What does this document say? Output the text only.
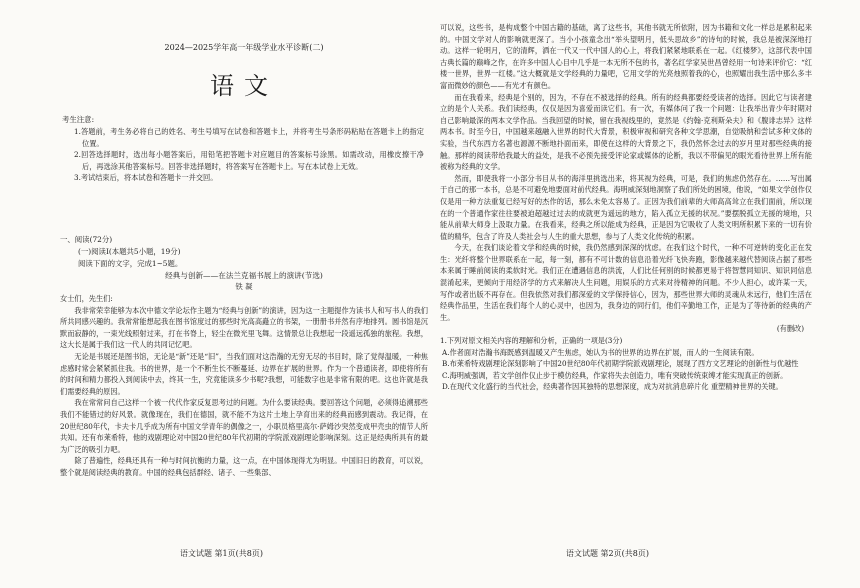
2024—2025学年高一年级学业水平诊断(二)
语文

考生注意:

1.答题前，考生务必将自己的姓名、考生号填写在试卷和答题卡上，并将考生号条形码粘贴在答题卡上的指定位置。

2.回答选择题时，选出每小题答案后，用铅笔把答题卡对应题目的答案标号涂黑。如需改动，用橡皮擦干净后，再选涂其他答案标号。回答非选择题时，将答案写在答题卡上。写在本试卷上无效。

3.考试结束后，将本试卷和答题卡一并交回。

一、阅读(72分)

(一)阅读Ⅰ(本题共5小题，19分)

阅读下面的文字，完成1~5题。

经典与创新——在法兰克福书展上的演讲(节选)

铁 凝

女士们，先生们:

我非常荣幸能够为本次中德文学论坛作主题为“经典与创新”的演讲，因为这一主题提作为读书人和写书人的我们所共同感兴趣的。我常常能想起我在图书馆度过的那些时光高高矗立的书架，一册册书并然有序地排列。圆书馆是沉默而寂静的，一束光线照射过来，打在书脊上，轻尘在微光里飞舞。这情景总让我想起一段遥远孤独的旅程。我想，这大长是属于我们这一代人的共同记忆吧。

无论是书展还是图书馆，无论是“新”还是“旧”，当我们面对这浩瀚的无穷无尽的书目时，除了觉得温暖，一种焦虑感时常会紧紧抓住我。书的世界，是一个不断生长不断蔓延、边界在扩展的世界。作为一个普通读者，即使将所有的时间和精力都投入到阅读中去，终其一生，究竟能读多少书呢?我想，可能数字也是非常有限的吧。这也许就是我们需要经典的原因。

我在常常问自己这样一个被一代代作家反复思考过的问题。为什么要读经典。要回答这个问题，必须得追溯那些我们不能错过的好风景。就像现在，我们在德国，就不能不为这片土地上孕育出来的经典而感到震动。我记得，在20世纪80年代，卡夫卡几乎成为所有中国文学青年的偶像之一，小职员格里高尔·萨姆沙突然变成甲壳虫的情节人所共知。还有布莱希特，他的戏剧理论对中国20世纪80年代初期的学院派戏剧理论影响深刻。这正是经典所具有的最为广泛的吸引力吧。

除了普遍性，经典还具有一种与时间抗衡的力量，这一点，在中国体现得尤为明显。中国旧日的教育，可以说，整个就是阅读经典的教育。中国的经典包括群经、诸子、一些集部、

语文试题 第1页(共8页)

可以说，这些书，是构成整个中国古籍的基础，离了这些书，其他书就无所依附，因为书籍和文化一样总是累积起来的。中国文学对人的影响就更深了。当小小孩童念出“举头望明月，低头思故乡”的诗句的时候，我总是被深深地打动。这样一轮明月，它的清辉，洒在一代又一代中国人的心上，将我们紧紧地联系在一起。《红楼梦》，这部代表中国古典长篇的巅峰之作，在许多中国人心目中几乎是一本无所不包的书，著名红学家吴世昌曾经用一句诗来评价它：“红楼一世界，世界一红楼。”这大概就是文学经典的力量吧，它用文学的光亮烛照着我的心，也照耀出我生活中那么多丰富而微妙的颜色——有光才有颜色。

而在我看来，经典是个别的，因为，不存在不被选择的经典。所有的经典都要经受读者的选择。因此它与读者建立的是个人关系。我们读经典，仅仅是因为喜爱而读它们。有一次，有媒体问了我一个问题：让我举出青少年时期对自己影响最深的两本文学作品。当我回望的时候，留在我视线里的，竟然是《约翰·克利斯朵夫》和《腹诽志异》这样两本书。时至今日，中国越来越融入世界的时代大背景，积极审视和研究各种文学思潮，自觉吸纳和尝试多种文体的实验，当代东西方名著也源源不断地扑面而来，即使在这样的大背景之下，我仍然怀念过去的岁月里对那些经典的接触。那样的阅读带给我最大的益处，是我不必预先接受评论家或媒体的论断，我以不带偏见的眼光看待世界上所有能被称为经典的文学。

然而，即使我将一小部分书目从书的海洋里挑选出来，将其视为经典，可是，我们的焦虑仍然存在。……写出属于自己的那一本书，总是不可避免地要面对前代经典。海明威深刻地洞察了我们所处的困境，他说，“如果文学创作仅仅是用一种方法重复已经写好的杰作的话，那么未免太容易了。正因为我们前辈的大师高高耸立在我们面前，所以现在的一个普通作家往往要被迫超越过过去的成就更为遥远的地方，陷入孤立无援的状况。”要摆脱孤立无援的境地，只能从前辈大师身上汲取力量。在我看来，经典之所以能成为经典，正是因为它吸收了人类文明所积累下来的一切有价值的精华，包含了许及人类社会与人生的重大思想，参与了人类文化传统的积累。

今天，在我们谈论着文学和经典的时候，我仍然感到深深的忧虑。在我们这个时代，一种不可逆转的变化正在发生：光纤将整个世界联系在一起，每一刻，都有不可计数的信息沿着光纤飞快奔跑，影像越来越代替阅读占据了那些本来属于睡前阅读的柔软时光。我们正在遭遇信息的洪流，人们比任何别的时候都更易于将智慧同知识、知识同信息混淆起来，更倾向于用经济学的方式来解决人生问题，用娱乐的方式来对待精神的问题。不少人担心，或许某一天，写作或者出版不再存在。但我依然对我们都深爱的文学保持信心，因为，那些世界大师的灵魂从未远行，他们生活在经典作品里，生活在我们每个人的心灵中，也因为，我身边的同行们，他们辛勤地工作，正是为了等待新的经典的产生。

(有删改)

1.下列对原文相关内容的理解和分析，正确的一项是(3分)

A.作者面对浩瀚书海既感到温暖又产生焦虑，她认为书的世界的边界在扩展，而人的一生阅读有限。

B.布莱希特戏剧理论深刻影响了中国20世纪80年代初期学院派戏剧理论，展现了西方文艺理论的创新性与优越性

C.海明威强调，若文学创作仅止步于模仿经典，作家将失去创造力，唯有突破传统束缚才能实现真正的创新。

D.在现代文化盛行的当代社会，经典著作因其独特的思想深度，成为对抗消息碎片化 重塑精神世界的关键。

语文试题 第2页(共8页)
